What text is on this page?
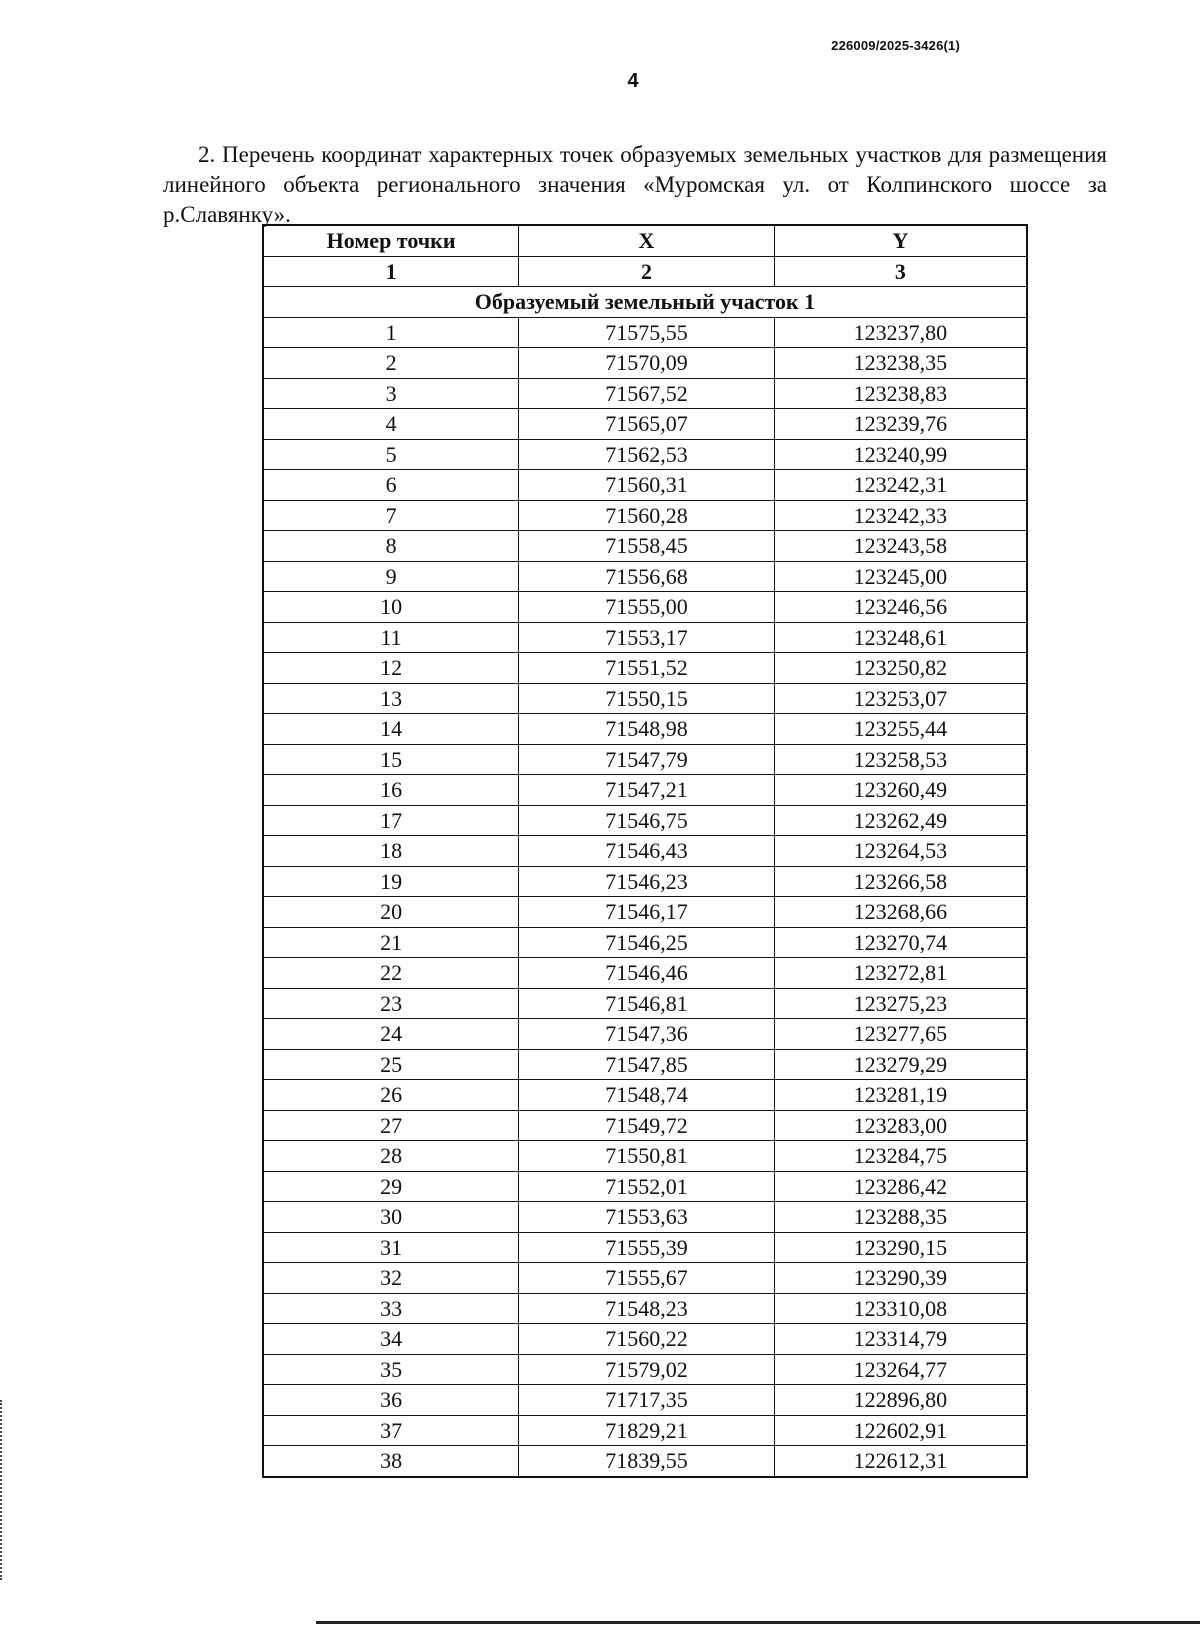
226009/2025-3426(1)
4

2. Перечень координат характерных точек образуемых земельных участков для размещения линейного объекта регионального значения «Муромская ул. от Колпинского шоссе за р.Славянку».

Номер точки	X	Y
1	2	3
Образуемый земельный участок 1		
1	71575,55	123237,80
2	71570,09	123238,35
3	71567,52	123238,83
4	71565,07	123239,76
5	71562,53	123240,99
6	71560,31	123242,31
7	71560,28	123242,33
8	71558,45	123243,58
9	71556,68	123245,00
10	71555,00	123246,56
11	71553,17	123248,61
12	71551,52	123250,82
13	71550,15	123253,07
14	71548,98	123255,44
15	71547,79	123258,53
16	71547,21	123260,49
17	71546,75	123262,49
18	71546,43	123264,53
19	71546,23	123266,58
20	71546,17	123268,66
21	71546,25	123270,74
22	71546,46	123272,81
23	71546,81	123275,23
24	71547,36	123277,65
25	71547,85	123279,29
26	71548,74	123281,19
27	71549,72	123283,00
28	71550,81	123284,75
29	71552,01	123286,42
30	71553,63	123288,35
31	71555,39	123290,15
32	71555,67	123290,39
33	71548,23	123310,08
34	71560,22	123314,79
35	71579,02	123264,77
36	71717,35	122896,80
37	71829,21	122602,91
38	71839,55	122612,31
